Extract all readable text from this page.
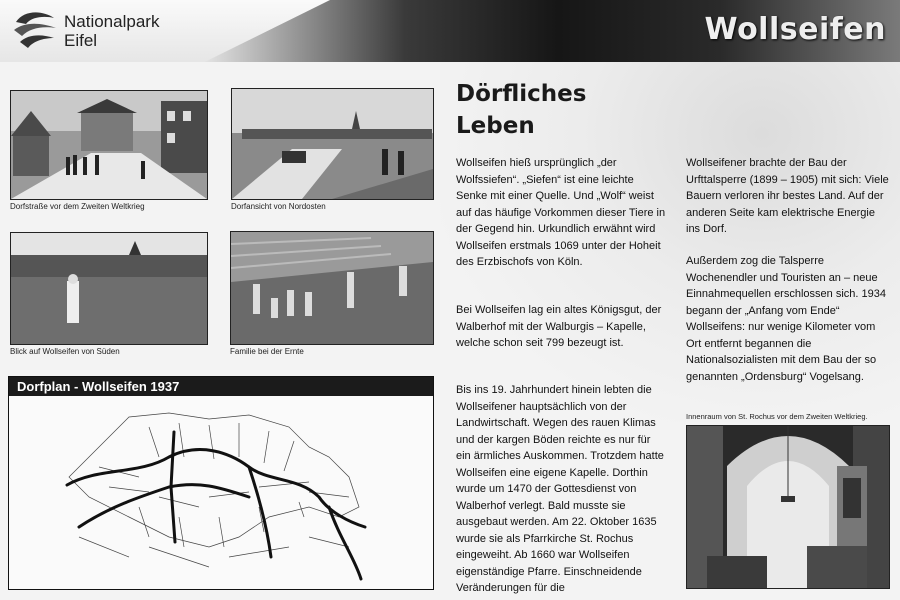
Nationalpark Eifel	Wollseifen
Dorfstraße vor dem Zweiten Weltkrieg	Dorfansicht von Nordosten
Blick auf Wollseifen von Süden	Familie bei der Ernte
Dorfplan - Wollseifen 1937
Dörfliches
Leben

Wollseifen hieß ursprünglich „der Wolfssiefen“. „Siefen“ ist eine leichte Senke mit einer Quelle. Und „Wolf“ weist auf das häufige Vorkommen dieser Tiere in der Gegend hin. Urkundlich erwähnt wird Wollseifen erstmals 1069 unter der Hoheit des Erzbischofs von Köln.

Bei Wollseifen lag ein altes Königsgut, der Walberhof mit der Walburgis – Kapelle, welche schon seit 799 bezeugt ist.

Bis ins 19. Jahrhundert hinein lebten die Wollseifener hauptsächlich von der Landwirtschaft. Wegen des rauen Klimas und der kargen Böden reichte es nur für ein ärmliches Auskommen. Trotzdem hatte Wollseifen eine eigene Kapelle. Dorthin wurde um 1470 der Gottesdienst von Walberhof verlegt. Bald musste sie ausgebaut werden. Am 22. Oktober 1635 wurde sie als Pfarrkirche St. Rochus eingeweiht. Ab 1660 war Wollseifen eigenständige Pfarre. Einschneidende Veränderungen für die

Wollseifener brachte der Bau der Urfttalsperre (1899 – 1905) mit sich: Viele Bauern verloren ihr bestes Land. Auf der anderen Seite kam elektrische Energie ins Dorf.

Außerdem zog die Talsperre Wochenendler und Touristen an – neue Einnahmequellen erschlossen sich. 1934 begann der „Anfang vom Ende“ Wollseifens: nur wenige Kilometer vom Ort entfernt begannen die Nationalsozialisten mit dem Bau der so genannten „Ordensburg“ Vogelsang.

Innenraum von St. Rochus vor dem Zweiten Weltkrieg.
